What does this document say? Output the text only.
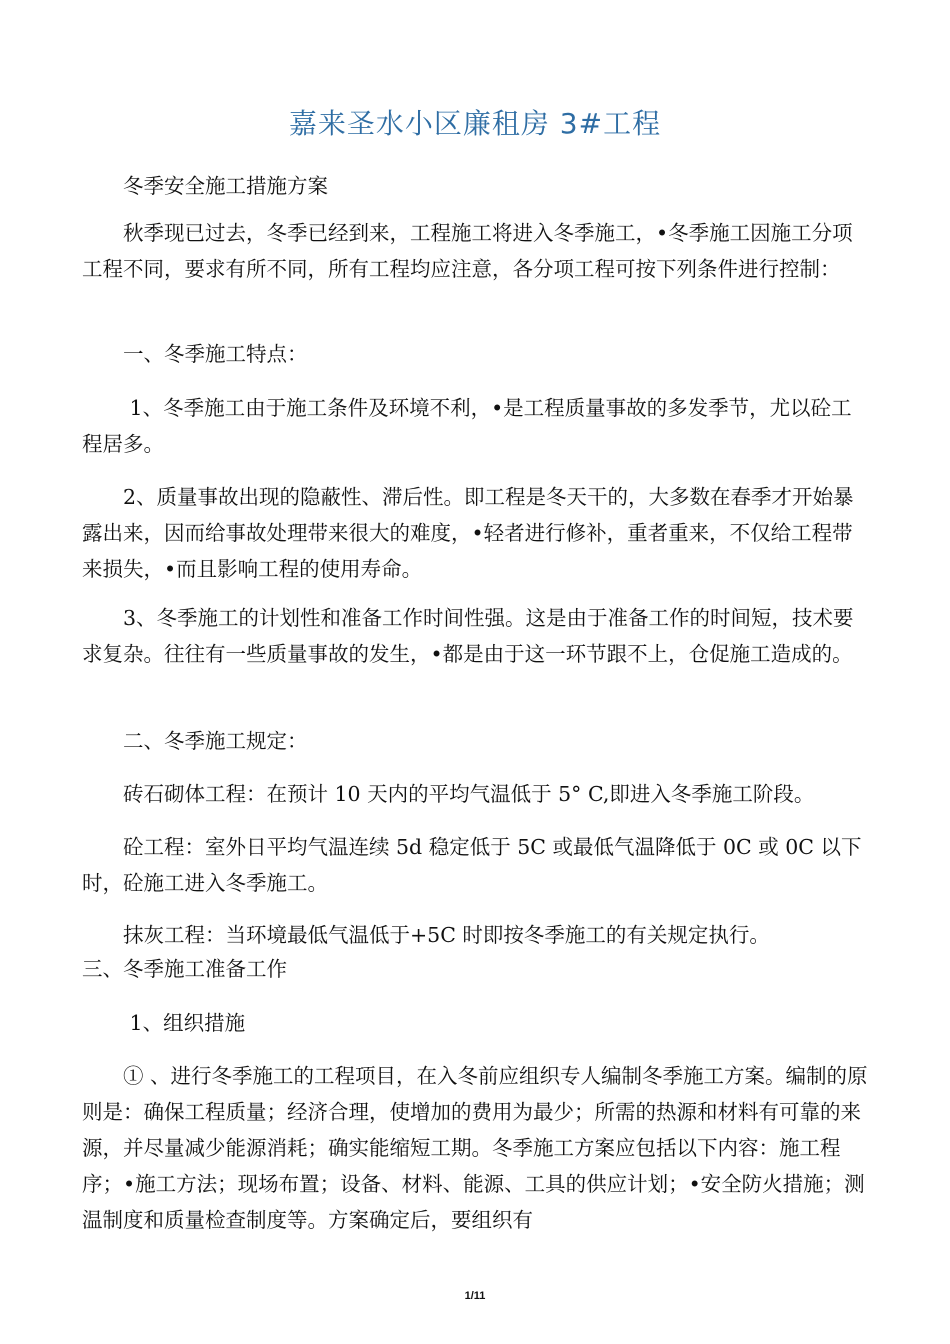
嘉来圣水小区廉租房 3#工程

冬季安全施工措施方案

秋季现已过去，冬季已经到来，工程施工将进入冬季施工，•冬季施工因施工分项工程不同，要求有所不同，所有工程均应注意，各分项工程可按下列条件进行控制：

一、冬季施工特点：

1、冬季施工由于施工条件及环境不利，•是工程质量事故的多发季节，尤以砼工程居多。

2、质量事故出现的隐蔽性、滞后性。即工程是冬天干的，大多数在春季才开始暴露出来，因而给事故处理带来很大的难度，•轻者进行修补，重者重来，不仅给工程带来损失，•而且影响工程的使用寿命。

3、冬季施工的计划性和准备工作时间性强。这是由于准备工作的时间短，技术要求复杂。往往有一些质量事故的发生，•都是由于这一环节跟不上，仓促施工造成的。

二、冬季施工规定：

砖石砌体工程：在预计 10 天内的平均气温低于 5° C,即进入冬季施工阶段。

砼工程：室外日平均气温连续 5d 稳定低于 5C 或最低气温降低于 0C 或 0C 以下时，砼施工进入冬季施工。

抹灰工程：当环境最低气温低于+5C 时即按冬季施工的有关规定执行。

三、冬季施工准备工作

1、组织措施

① 、进行冬季施工的工程项目，在入冬前应组织专人编制冬季施工方案。编制的原则是：确保工程质量；经济合理，使增加的费用为最少；所需的热源和材料有可靠的来源，并尽量减少能源消耗；确实能缩短工期。冬季施工方案应包括以下内容：施工程序；•施工方法；现场布置；设备、材料、能源、工具的供应计划；•安全防火措施；测温制度和质量检查制度等。方案确定后，要组织有

1/11
